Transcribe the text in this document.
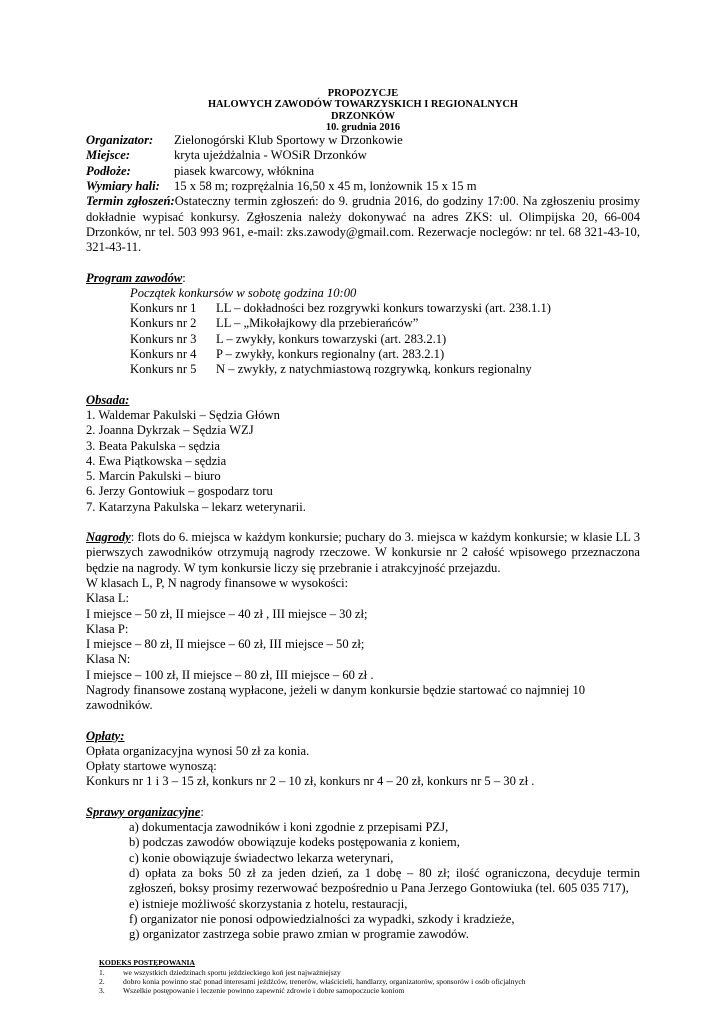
PROPOZYCJE
HALOWYCH ZAWODÓW TOWARZYSKICH I REGIONALNYCH
DRZONKÓW
10. grudnia 2016
Organizator:	Zielonogórski Klub Sportowy w Drzonkowie
Miejsce:	kryta ujeżdżalnia - WOSiR Drzonków
Podłoże:	piasek kwarcowy, włóknina
Wymiary hali:	15 x 58 m; rozprężalnia 16,50 x 45 m, lonżownik 15 x 15 m
Termin zgłoszeń:Ostateczny termin zgłoszeń: do 9. grudnia 2016, do godziny 17:00. Na zgłoszeniu prosimy dokładnie wypisać konkursy. Zgłoszenia należy dokonywać na adres ZKS: ul. Olimpijska 20, 66-004 Drzonków, nr tel. 503 993 961, e-mail: zks.zawody@gmail.com. Rezerwacje noclegów: nr tel. 68 321-43-10, 321-43-11.
Program zawodów:
Początek konkursów w sobotę godzina 10:00
Konkurs nr 1	LL – dokładności bez rozgrywki konkurs towarzyski (art. 238.1.1)
Konkurs nr 2	LL – „Mikołajkowy dla przebierańców”
Konkurs nr 3	L – zwykły, konkurs towarzyski (art. 283.2.1)
Konkurs nr 4	P – zwykły, konkurs regionalny (art. 283.2.1)
Konkurs nr 5	N – zwykły, z natychmiastową rozgrywką, konkurs regionalny
Obsada:
1. Waldemar Pakulski – Sędzia Główn
2. Joanna Dykrzak – Sędzia WZJ
3. Beata Pakulska – sędzia
4. Ewa Piątkowska – sędzia
5. Marcin Pakulski – biuro
6. Jerzy Gontowiuk – gospodarz toru
7. Katarzyna Pakulska – lekarz weterynarii.
Nagrody: flots do 6. miejsca w każdym konkursie; puchary do 3. miejsca w każdym konkursie; w klasie LL 3 pierwszych zawodników otrzymują nagrody rzeczowe. W konkursie nr 2 całość wpisowego przeznaczona będzie na nagrody. W tym konkursie liczy się przebranie i atrakcyjność przejazdu.
W klasach L, P, N nagrody finansowe w wysokości:
Klasa L:
I miejsce – 50 zł, II miejsce – 40 zł , III miejsce – 30 zł;
Klasa P:
I miejsce – 80 zł, II miejsce – 60 zł, III miejsce – 50 zł;
Klasa N:
I miejsce – 100 zł, II miejsce – 80 zł, III miejsce – 60 zł .
Nagrody finansowe zostaną wypłacone, jeżeli w danym konkursie będzie startować co najmniej 10 zawodników.
Opłaty:
Opłata organizacyjna wynosi 50 zł za konia.
Opłaty startowe wynoszą:
Konkurs nr 1 i 3 – 15 zł, konkurs nr 2 – 10 zł, konkurs nr 4 – 20 zł, konkurs nr 5 – 30 zł .
Sprawy organizacyjne:
a) dokumentacja zawodników i koni zgodnie z przepisami PZJ,
b) podczas zawodów obowiązuje kodeks postępowania z koniem,
c) konie obowiązuje świadectwo lekarza weterynari,
d) opłata za boks 50 zł za jeden dzień, za 1 dobę – 80 zł; ilość ograniczona, decyduje termin zgłoszeń, boksy prosimy rezerwować bezpośrednio u Pana Jerzego Gontowiuka (tel. 605 035 717),
e) istnieje możliwość skorzystania z hotelu, restauracji,
f) organizator nie ponosi odpowiedzialności za wypadki, szkody i kradzieże,
g) organizator zastrzega sobie prawo zmian w programie zawodów.
KODEKS POSTĘPOWANIA
1.	we wszystkich dziedzinach sportu jeździeckiego koń jest najważniejszy
2.	dobro konia powinno stać ponad interesami jeźdźców, trenerów, właścicieli, handlarzy, organizatorów, sponsorów i osób oficjalnych
3.	Wszelkie postępowanie i leczenie powinno zapewnić zdrowie i dobre samopoczucie koniom
